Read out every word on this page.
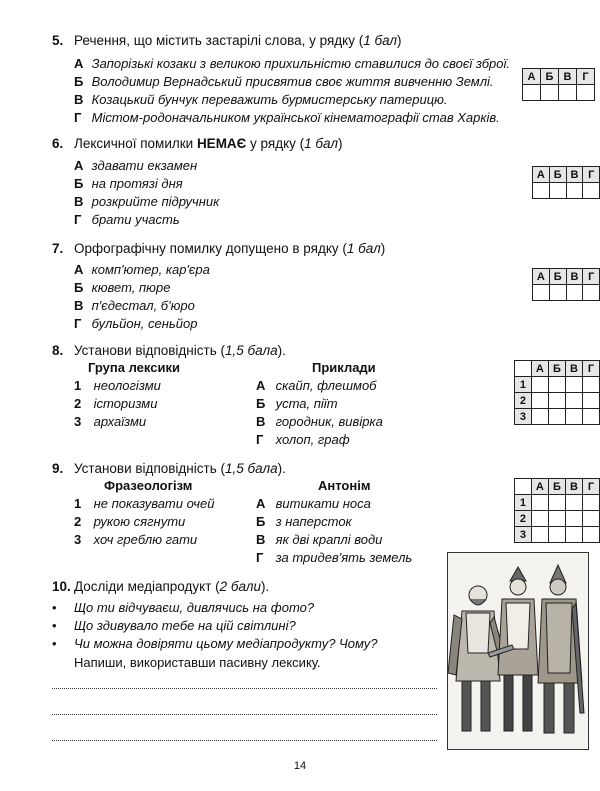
5. Речення, що містить застарілі слова, у рядку (1 бал)
А Запорізькі козаки з великою прихильністю ставилися до своєї зброї.
Б Володимир Вернадський присвятив своє життя вивченню Землі.
В Козацький бунчук переважить бурмистерську патерицю.
Г Містом-родоначальником української кінематографії став Харків.
А	Б	В	Г

6. Лексичної помилки НЕМАЄ у рядку (1 бал)
А здавати екзамен
Б на протязі дня
В розкрийте підручник
Г брати участь
А	Б	В	Г

7. Орфографічну помилку допущено в рядку (1 бал)
А комп'ютер, кар'єра
Б кювет, пюре
В п'єдестал, б'юро
Г бульйон, сеньйор
А	Б	В	Г

8. Установи відповідність (1,5 бала).
Група лексики	Приклади
1 неологізми
2 історизми
3 архаїзми
А скайп, флешмоб
Б уста, піїт
В городник, вивірка
Г холоп, граф
	А	Б	В	Г
1				
2				
3				
9. Установи відповідність (1,5 бала).
Фразеологізм	Антонім
1 не показувати очей
2 рукою сягнути
3 хоч греблю гати
А витикати носа
Б з наперсток
В як дві краплі води
Г за тридев'ять земель
	А	Б	В	Г
1				
2				
3				
10. Досліди медіапродукт (2 бали).
• Що ти відчуваєш, дивлячись на фото?
• Що здивувало тебе на цій світлині?
• Чи можна довіряти цьому медіапродукту? Чому?
Напиши, використавши пасивну лексику.
14
